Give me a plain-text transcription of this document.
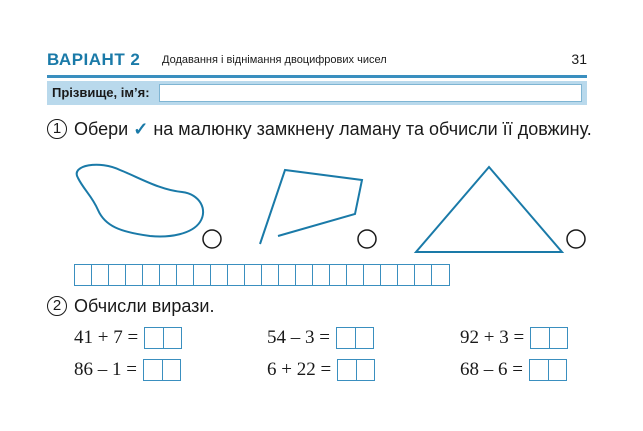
ВАРІАНТ 2 Додавання і віднімання двоцифрових чисел	31
Прізвище, ім’я:
1 Обери ✓ на малюнку замкнену ламану та обчисли її довжину.
2 Обчисли вирази.
41 + 7 =	54 – 3 =	92 + 3 =
86 – 1 =	6 + 22 =	68 – 6 =
